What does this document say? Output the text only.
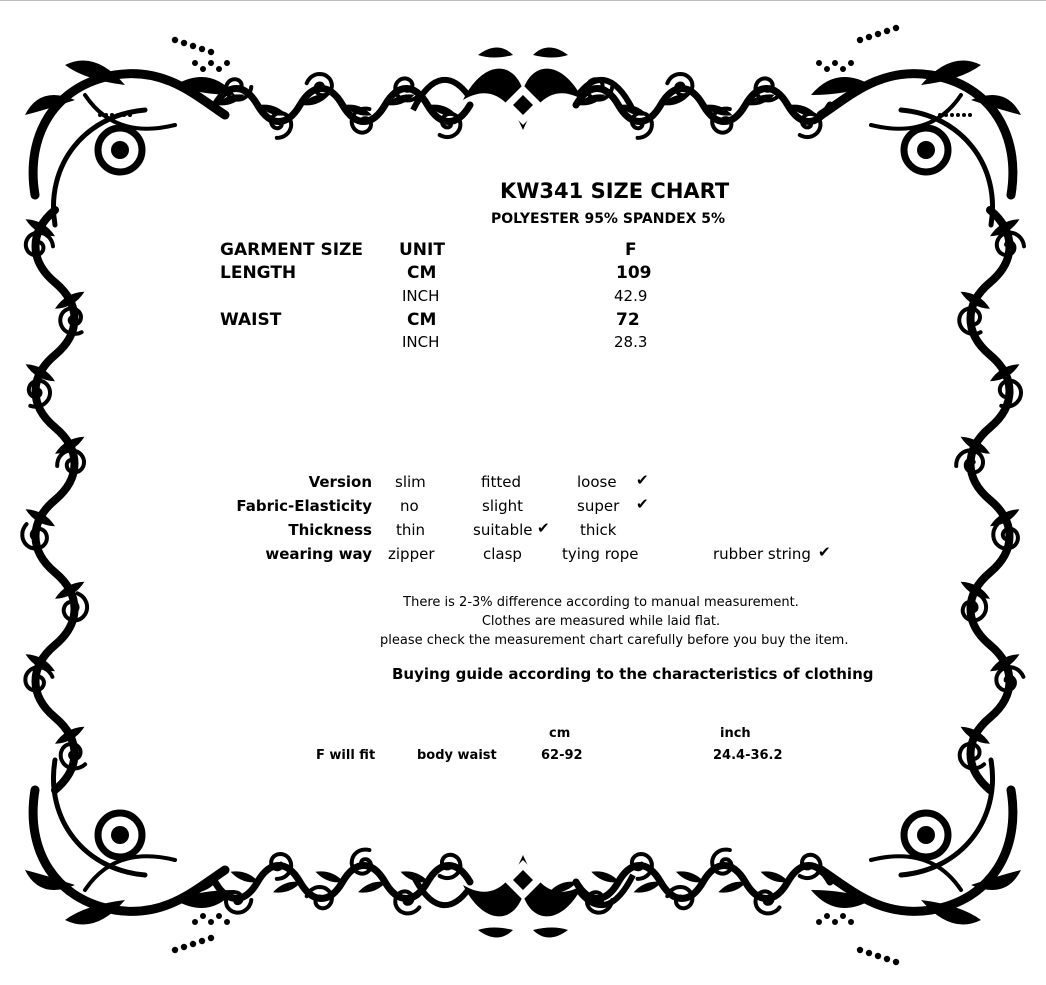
KW341 SIZE CHART
POLYESTER 95% SPANDEX 5%
GARMENT SIZE UNIT	F
LENGTH	CM	109
INCH	42.9
WAIST	CM	72
INCH	28.3
Version slim	fitted	loose ✔
Fabric-Elasticity no	slight	super ✔
Thickness thin	suitable ✔ thick
wearing way zipper	clasp	tying rope	rubber string ✔
There is 2-3% difference according to manual measurement.
Clothes are measured while laid flat.
please check the measurement chart carefully before you buy the item.
Buying guide according to the characteristics of clothing
cm	inch
F will fit	body waist	62-92	24.4-36.2
